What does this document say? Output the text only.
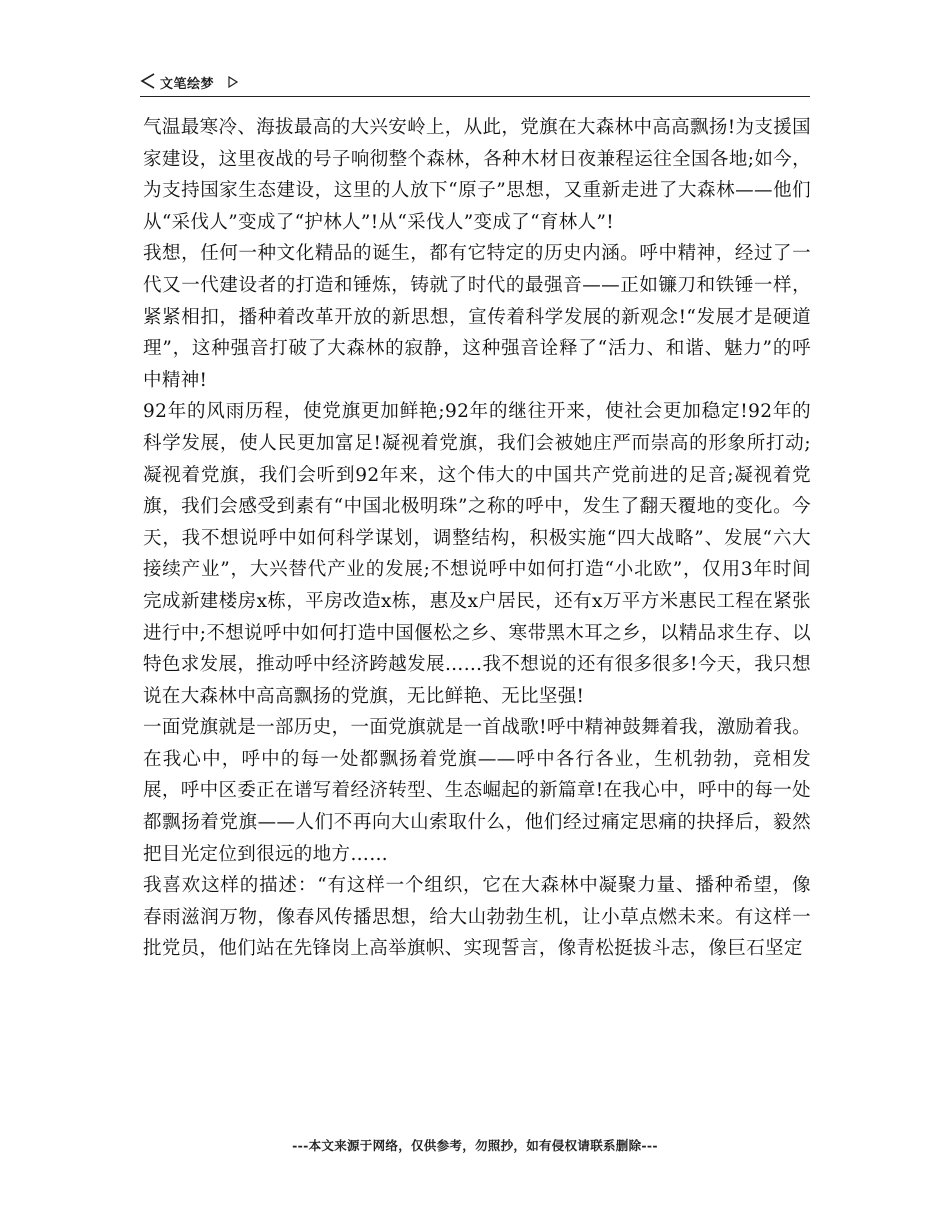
文笔绘梦

气温最寒冷、海拔最高的大兴安岭上，从此，党旗在大森林中高高飘扬!为支援国家建设，这里夜战的号子响彻整个森林，各种木材日夜兼程运往全国各地;如今，为支持国家生态建设，这里的人放下“原子”思想，又重新走进了大森林——他们从“采伐人”变成了“护林人”!从“采伐人”变成了“育林人”!

我想，任何一种文化精品的诞生，都有它特定的历史内涵。呼中精神，经过了一代又一代建设者的打造和锤炼，铸就了时代的最强音——正如镰刀和铁锤一样，紧紧相扣，播种着改革开放的新思想，宣传着科学发展的新观念!“发展才是硬道理”，这种强音打破了大森林的寂静，这种强音诠释了“活力、和谐、魅力”的呼中精神!

92年的风雨历程，使党旗更加鲜艳;92年的继往开来，使社会更加稳定!92年的科学发展，使人民更加富足!凝视着党旗，我们会被她庄严而崇高的形象所打动;凝视着党旗，我们会听到92年来，这个伟大的中国共产党前进的足音;凝视着党旗，我们会感受到素有“中国北极明珠”之称的呼中，发生了翻天覆地的变化。今天，我不想说呼中如何科学谋划，调整结构，积极实施“四大战略”、发展“六大接续产业”，大兴替代产业的发展;不想说呼中如何打造“小北欧”，仅用3年时间完成新建楼房x栋，平房改造x栋，惠及x户居民，还有x万平方米惠民工程在紧张进行中;不想说呼中如何打造中国偃松之乡、寒带黑木耳之乡，以精品求生存、以特色求发展，推动呼中经济跨越发展……我不想说的还有很多很多!今天，我只想说在大森林中高高飘扬的党旗，无比鲜艳、无比坚强!

一面党旗就是一部历史，一面党旗就是一首战歌!呼中精神鼓舞着我，激励着我。在我心中，呼中的每一处都飘扬着党旗——呼中各行各业，生机勃勃，竞相发展，呼中区委正在谱写着经济转型、生态崛起的新篇章!在我心中，呼中的每一处都飘扬着党旗——人们不再向大山索取什么，他们经过痛定思痛的抉择后，毅然把目光定位到很远的地方……

我喜欢这样的描述：“有这样一个组织，它在大森林中凝聚力量、播种希望，像春雨滋润万物，像春风传播思想，给大山勃勃生机，让小草点燃未来。有这样一批党员，他们站在先锋岗上高举旗帜、实现誓言，像青松挺拔斗志，像巨石坚定

---本文来源于网络，仅供参考，勿照抄，如有侵权请联系删除---
